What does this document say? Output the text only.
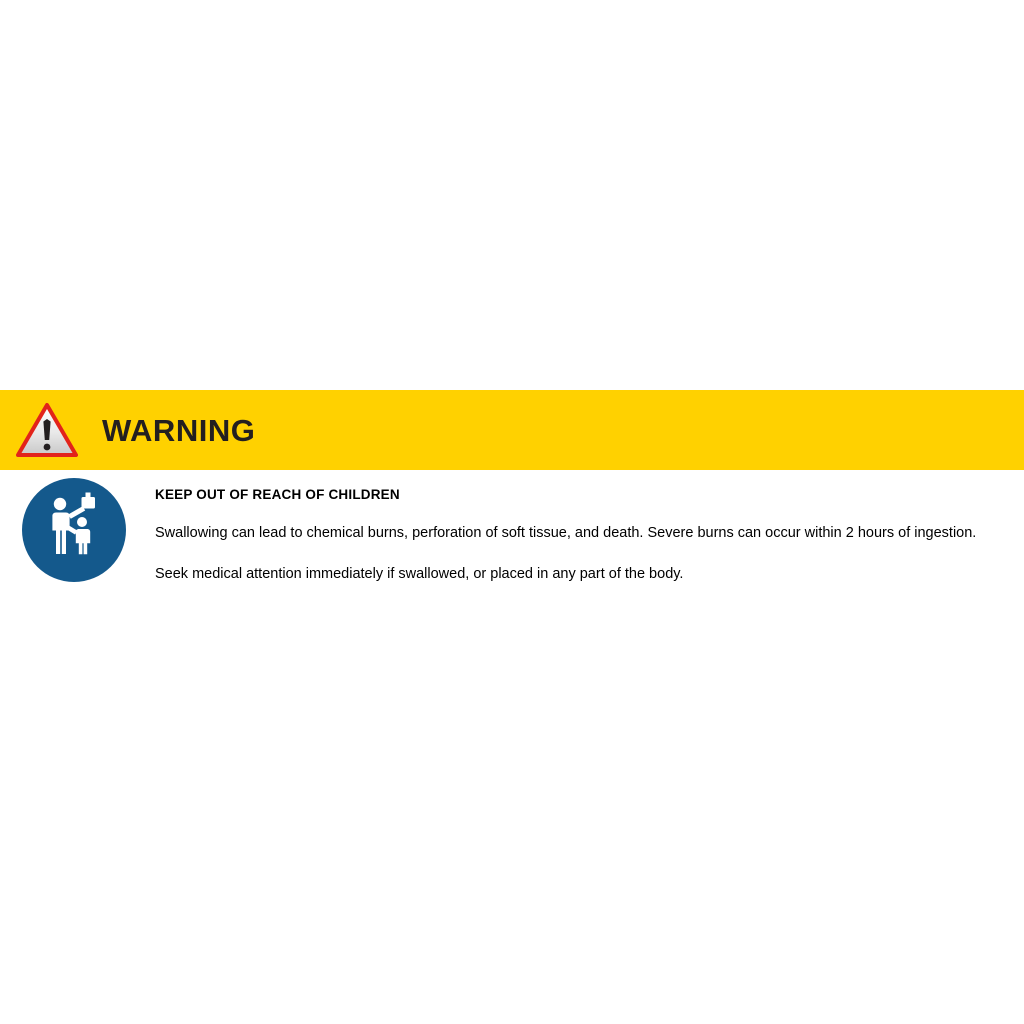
WARNING
KEEP OUT OF REACH OF CHILDREN

Swallowing can lead to chemical burns, perforation of soft tissue, and death. Severe burns can occur within 2 hours of ingestion.

Seek medical attention immediately if swallowed, or placed in any part of the body.
